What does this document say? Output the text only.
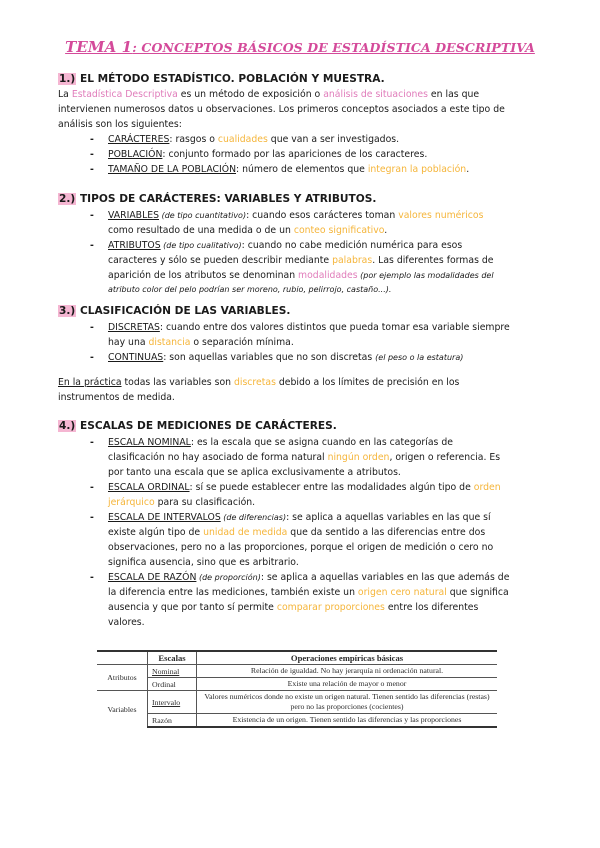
TEMA 1: CONCEPTOS BÁSICOS DE ESTADÍSTICA DESCRIPTIVA
1.) EL MÉTODO ESTADÍSTICO. POBLACIÓN Y MUESTRA.
La Estadística Descriptiva es un método de exposición o análisis de situaciones en las que
intervienen numerosos datos u observaciones. Los primeros conceptos asociados a este tipo de
análisis son los siguientes:
- CARÁCTERES: rasgos o cualidades que van a ser investigados.
- POBLACIÓN: conjunto formado por las apariciones de los caracteres.
- TAMAÑO DE LA POBLACIÓN: número de elementos que integran la población.
2.) TIPOS DE CARÁCTERES: VARIABLES Y ATRIBUTOS.
- VARIABLES (de tipo cuantitativo): cuando esos carácteres toman valores numéricos
como resultado de una medida o de un conteo significativo.
- ATRIBUTOS (de tipo cualitativo): cuando no cabe medición numérica para esos
caracteres y sólo se pueden describir mediante palabras. Las diferentes formas de
aparición de los atributos se denominan modalidades (por ejemplo las modalidades del
atributo color del pelo podrían ser moreno, rubio, pelirrojo, castaño...).
3.) CLASIFICACIÓN DE LAS VARIABLES.
- DISCRETAS: cuando entre dos valores distintos que pueda tomar esa variable siempre
hay una distancia o separación mínima.
- CONTINUAS: son aquellas variables que no son discretas (el peso o la estatura)
En la práctica todas las variables son discretas debido a los límites de precisión en los
instrumentos de medida.
4.) ESCALAS DE MEDICIONES DE CARÁCTERES.
- ESCALA NOMINAL: es la escala que se asigna cuando en las categorías de
clasificación no hay asociado de forma natural ningún orden, origen o referencia. Es
por tanto una escala que se aplica exclusivamente a atributos.
- ESCALA ORDINAL: sí se puede establecer entre las modalidades algún tipo de orden
jerárquico para su clasificación.
- ESCALA DE INTERVALOS (de diferencias): se aplica a aquellas variables en las que sí
existe algún tipo de unidad de medida que da sentido a las diferencias entre dos
observaciones, pero no a las proporciones, porque el origen de medición o cero no
significa ausencia, sino que es arbitrario.
- ESCALA DE RAZÓN (de proporción): se aplica a aquellas variables en las que además de
la diferencia entre las mediciones, también existe un origen cero natural que significa
ausencia y que por tanto sí permite comparar proporciones entre los diferentes
valores.
	Escalas	Operaciones empíricas básicas
Atributos	Nominal	Relación de igualdad. No hay jerarquía ni ordenación natural.
	Ordinal	Existe una relación de mayor o menor
Variables	Intervalo	Valores numéricos donde no existe un origen natural. Tienen sentido las diferencias (restas) pero no las proporciones (cocientes)
	Razón	Existencia de un origen. Tienen sentido las diferencias y las proporciones
